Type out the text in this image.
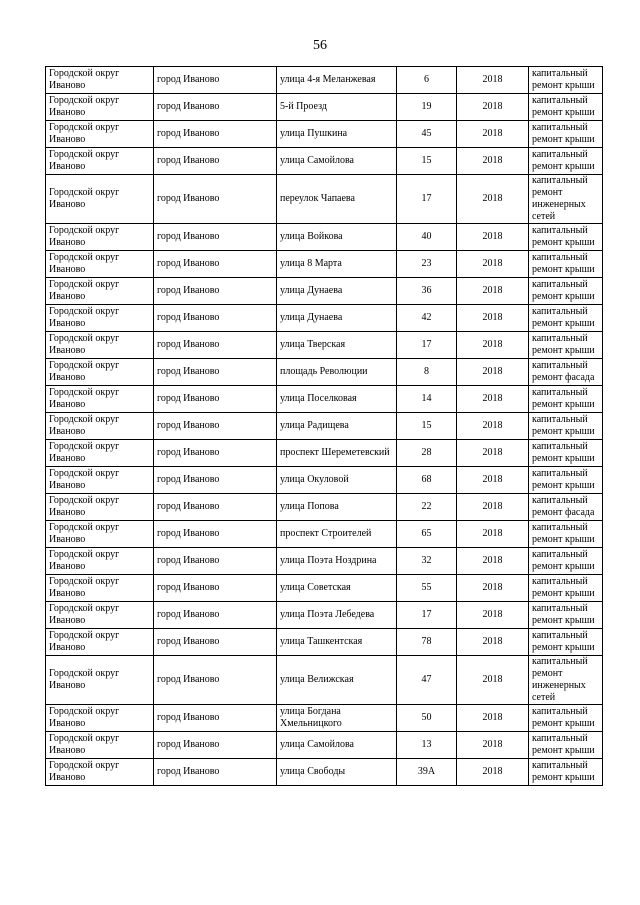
56
Городской округ Иваново	город Иваново	улица 4-я Меланжевая	6	2018	капитальный ремонт крыши
Городской округ Иваново	город Иваново	5-й Проезд	19	2018	капитальный ремонт крыши
Городской округ Иваново	город Иваново	улица Пушкина	45	2018	капитальный ремонт крыши
Городской округ Иваново	город Иваново	улица Самойлова	15	2018	капитальный ремонт крыши
Городской округ Иваново	город Иваново	переулок Чапаева	17	2018	капитальный ремонт инженерных сетей
Городской округ Иваново	город Иваново	улица Войкова	40	2018	капитальный ремонт крыши
Городской округ Иваново	город Иваново	улица 8 Марта	23	2018	капитальный ремонт крыши
Городской округ Иваново	город Иваново	улица Дунаева	36	2018	капитальный ремонт крыши
Городской округ Иваново	город Иваново	улица Дунаева	42	2018	капитальный ремонт крыши
Городской округ Иваново	город Иваново	улица Тверская	17	2018	капитальный ремонт крыши
Городской округ Иваново	город Иваново	площадь Революции	8	2018	капитальный ремонт фасада
Городской округ Иваново	город Иваново	улица Поселковая	14	2018	капитальный ремонт крыши
Городской округ Иваново	город Иваново	улица Радищева	15	2018	капитальный ремонт крыши
Городской округ Иваново	город Иваново	проспект Шереметевский	28	2018	капитальный ремонт крыши
Городской округ Иваново	город Иваново	улица Окуловой	68	2018	капитальный ремонт крыши
Городской округ Иваново	город Иваново	улица Попова	22	2018	капитальный ремонт фасада
Городской округ Иваново	город Иваново	проспект Строителей	65	2018	капитальный ремонт крыши
Городской округ Иваново	город Иваново	улица Поэта Ноздрина	32	2018	капитальный ремонт крыши
Городской округ Иваново	город Иваново	улица Советская	55	2018	капитальный ремонт крыши
Городской округ Иваново	город Иваново	улица Поэта Лебедева	17	2018	капитальный ремонт крыши
Городской округ Иваново	город Иваново	улица Ташкентская	78	2018	капитальный ремонт крыши
Городской округ Иваново	город Иваново	улица Велижская	47	2018	капитальный ремонт инженерных сетей
Городской округ Иваново	город Иваново	улица Богдана Хмельницкого	50	2018	капитальный ремонт крыши
Городской округ Иваново	город Иваново	улица Самойлова	13	2018	капитальный ремонт крыши
Городской округ Иваново	город Иваново	улица Свободы	39А	2018	капитальный ремонт крыши
